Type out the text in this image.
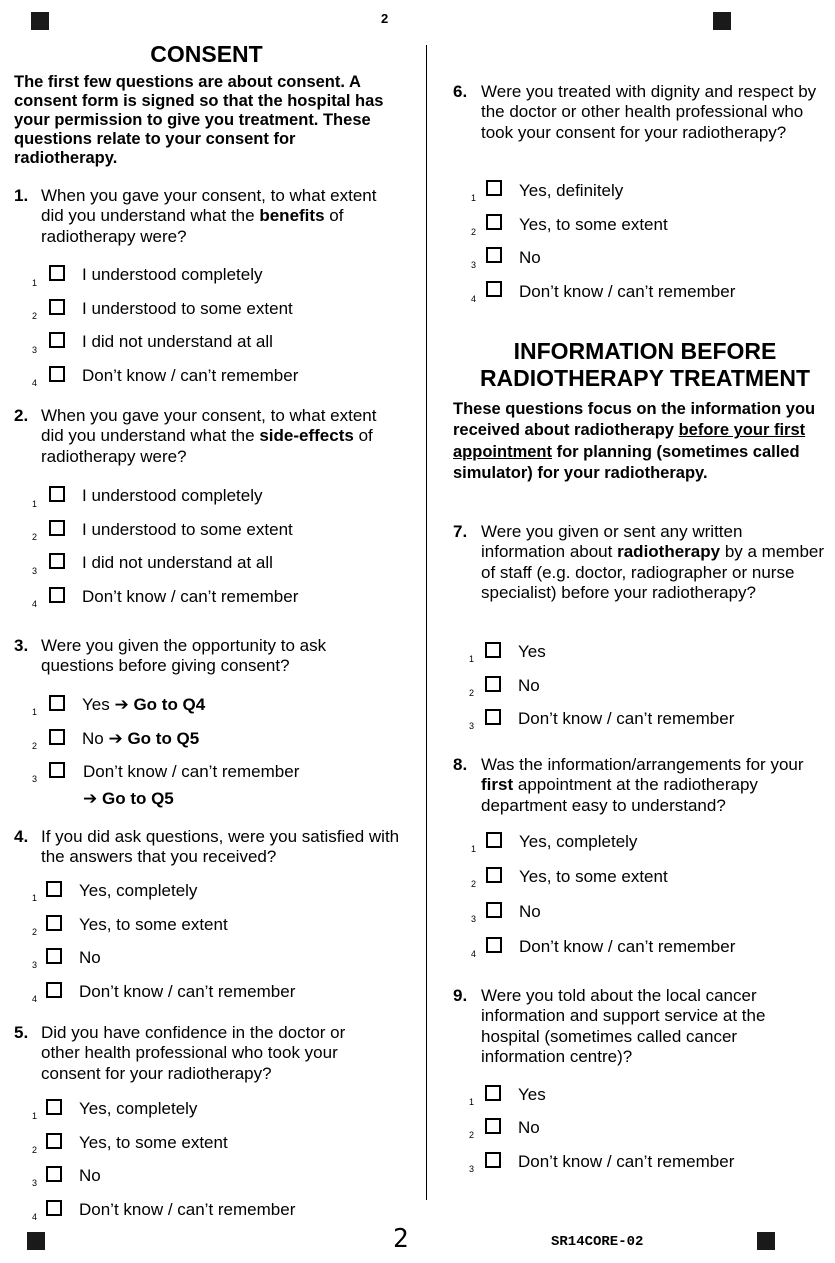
2
2	SR14CORE-02
CONSENT
The first few questions are about consent. A consent form is signed so that the hospital has your permission to give you treatment. These questions relate to your consent for radiotherapy.
1. When you gave your consent, to what extent did you understand what the benefits of radiotherapy were?
1	I understood completely
2	I understood to some extent
3	I did not understand at all
4	Don’t know / can’t remember
2. When you gave your consent, to what extent did you understand what the side-effects of radiotherapy were?
1	I understood completely
2	I understood to some extent
3	I did not understand at all
4	Don’t know / can’t remember
3. Were you given the opportunity to ask questions before giving consent?
1	Yes ➔ Go to Q4
2	No ➔ Go to Q5
3	Don’t know / can’t remember
➔ Go to Q5
4. If you did ask questions, were you satisfied with the answers that you received?
1 Yes, completely
2 Yes, to some extent
3 No
4 Don’t know / can’t remember
5. Did you have confidence in the doctor or other health professional who took your consent for your radiotherapy?
1 Yes, completely
2 Yes, to some extent
3 No
4 Don’t know / can’t remember
6. Were you treated with dignity and respect by the doctor or other health professional who took your consent for your radiotherapy?
1	Yes, definitely
2	Yes, to some extent
3	No
4	Don’t know / can’t remember
INFORMATION BEFORE
RADIOTHERAPY TREATMENT
These questions focus on the information you received about radiotherapy before your first appointment for planning (sometimes called simulator) for your radiotherapy.
7. Were you given or sent any written information about radiotherapy by a member of staff (e.g. doctor, radiographer or nurse specialist) before your radiotherapy?
1	Yes
2	No
3	Don’t know / can’t remember
8. Was the information/arrangements for your first appointment at the radiotherapy department easy to understand?
1	Yes, completely
2	Yes, to some extent
3	No
4	Don’t know / can’t remember
9. Were you told about the local cancer information and support service at the hospital (sometimes called cancer information centre)?
1	Yes
2	No
3	Don’t know / can’t remember
